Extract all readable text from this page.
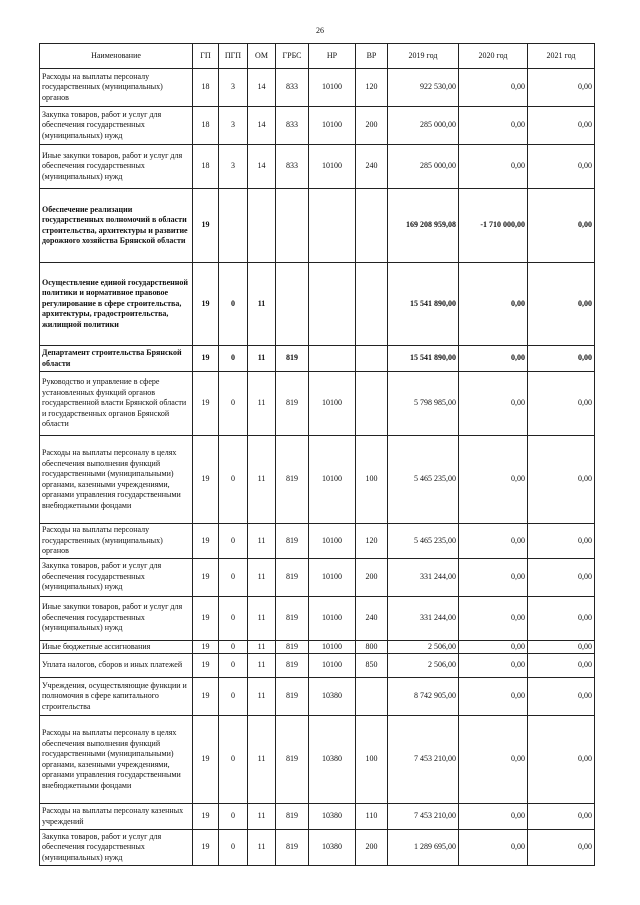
26
Наименование	ГП	ПГП	ОМ	ГРБС	НР	ВР	2019 год	2020 год	2021 год
Расходы на выплаты персоналу государственных (муниципальных) органов	18	3	14	833	10100	120	922 530,00	0,00	0,00
Закупка товаров, работ и услуг для обеспечения государственных (муниципальных) нужд	18	3	14	833	10100	200	285 000,00	0,00	0,00
Иные закупки товаров, работ и услуг для обеспечения государственных (муниципальных) нужд	18	3	14	833	10100	240	285 000,00	0,00	0,00
Обеспечение реализации государственных полномочий в области строительства, архитектуры и развитие дорожного хозяйства Брянской области	19						169 208 959,08	-1 710 000,00	0,00
Осуществление единой государственной политики и нормативное правовое регулирование в сфере строительства, архитектуры, градостроительства, жилищной политики	19	0	11				15 541 890,00	0,00	0,00
Департамент строительства Брянской области	19	0	11	819			15 541 890,00	0,00	0,00
Руководство и управление в сфере установленных функций органов государственной власти Брянской области и государственных органов Брянской области	19	0	11	819	10100		5 798 985,00	0,00	0,00
Расходы на выплаты персоналу в целях обеспечения выполнения функций государственными (муниципальными) органами, казенными учреждениями, органами управления государственными внебюджетными фондами	19	0	11	819	10100	100	5 465 235,00	0,00	0,00
Расходы на выплаты персоналу государственных (муниципальных) органов	19	0	11	819	10100	120	5 465 235,00	0,00	0,00
Закупка товаров, работ и услуг для обеспечения государственных (муниципальных) нужд	19	0	11	819	10100	200	331 244,00	0,00	0,00
Иные закупки товаров, работ и услуг для обеспечения государственных (муниципальных) нужд	19	0	11	819	10100	240	331 244,00	0,00	0,00
Иные бюджетные ассигнования	19	0	11	819	10100	800	2 506,00	0,00	0,00
Уплата налогов, сборов и иных платежей	19	0	11	819	10100	850	2 506,00	0,00	0,00
Учреждения, осуществляющие функции и полномочия в сфере капитального строительства	19	0	11	819	10380		8 742 905,00	0,00	0,00
Расходы на выплаты персоналу в целях обеспечения выполнения функций государственными (муниципальными) органами, казенными учреждениями, органами управления государственными внебюджетными фондами	19	0	11	819	10380	100	7 453 210,00	0,00	0,00
Расходы на выплаты персоналу казенных учреждений	19	0	11	819	10380	110	7 453 210,00	0,00	0,00
Закупка товаров, работ и услуг для обеспечения государственных (муниципальных) нужд	19	0	11	819	10380	200	1 289 695,00	0,00	0,00
